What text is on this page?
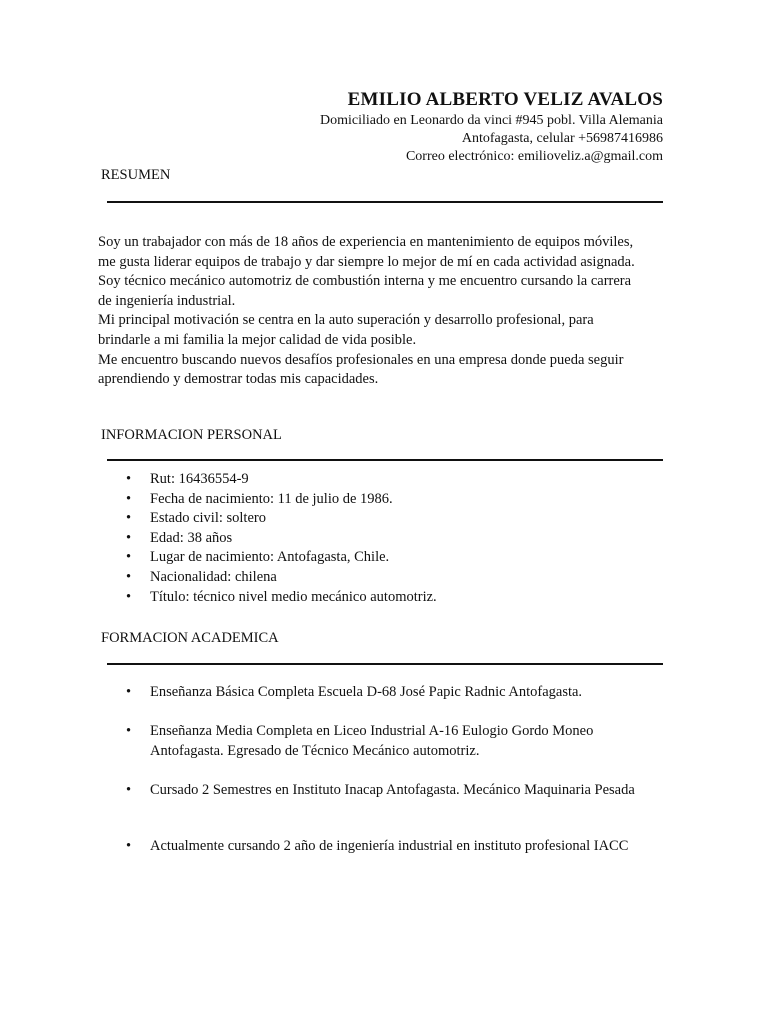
EMILIO ALBERTO VELIZ AVALOS
Domiciliado en Leonardo da vinci #945 pobl. Villa Alemania
Antofagasta, celular +56987416986
Correo electrónico: emilioveliz.a@gmail.com
RESUMEN

Soy un trabajador con más de 18 años de experiencia en mantenimiento de equipos móviles,

me gusta liderar equipos de trabajo y dar siempre lo mejor de mí en cada actividad asignada.

Soy técnico mecánico automotriz de combustión interna y me encuentro cursando la carrera

de ingeniería industrial.

Mi principal motivación se centra en la auto superación y desarrollo profesional, para

brindarle a mi familia la mejor calidad de vida posible.

Me encuentro buscando nuevos desafíos profesionales en una empresa donde pueda seguir

aprendiendo y demostrar todas mis capacidades.

INFORMACION PERSONAL
• Rut: 16436554-9
• Fecha de nacimiento: 11 de julio de 1986.
• Estado civil: soltero
• Edad: 38 años
• Lugar de nacimiento: Antofagasta, Chile.
• Nacionalidad: chilena
• Título: técnico nivel medio mecánico automotriz.
FORMACION ACADEMICA
•	Enseñanza Básica Completa Escuela D-68 José Papic Radnic Antofagasta.
•	Enseñanza Media Completa en Liceo Industrial A-16 Eulogio Gordo Moneo
Antofagasta. Egresado de Técnico Mecánico automotriz.
•	Cursado 2 Semestres en Instituto Inacap Antofagasta. Mecánico Maquinaria Pesada
•	Actualmente cursando 2 año de ingeniería industrial en instituto profesional IACC
